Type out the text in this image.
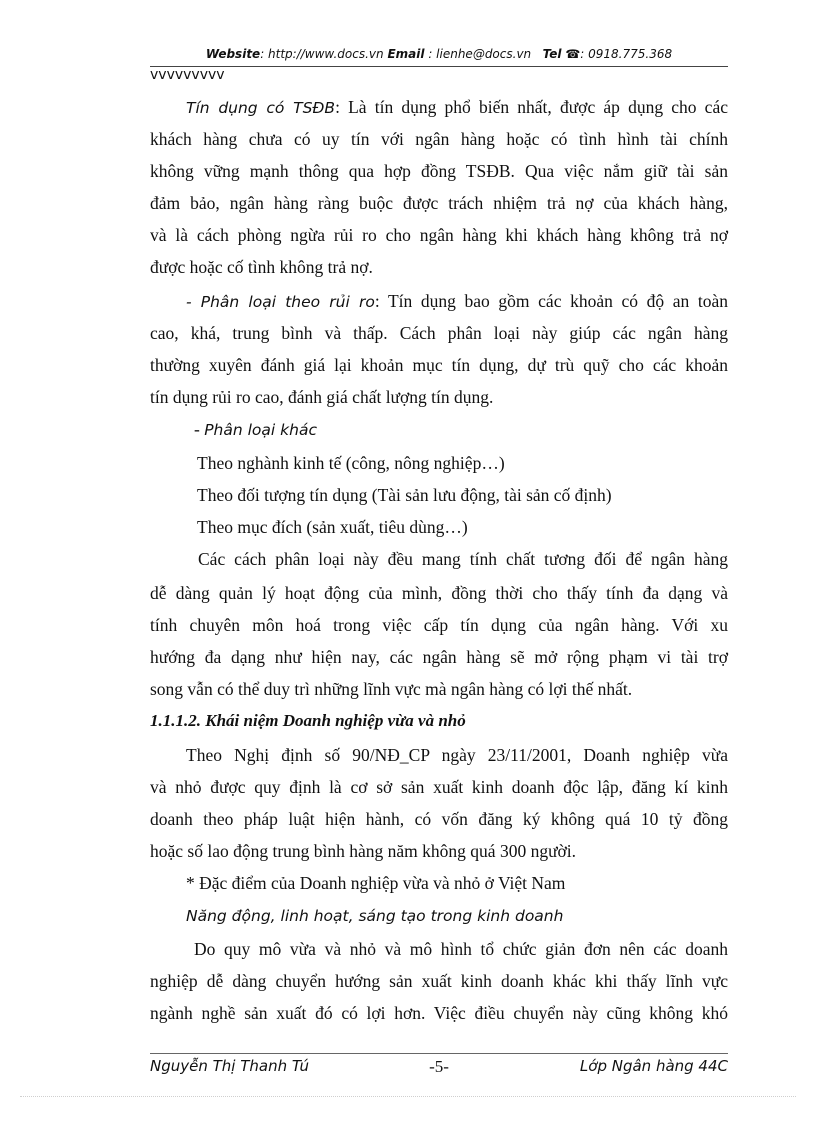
Website: http://www.docs.vn Email : lienhe@docs.vn Tel ☎: 0918.775.368
vvvvvvvvv
Tín dụng có TSĐB: Là tín dụng phổ biến nhất, được áp dụng cho các
khách hàng chưa có uy tín với ngân hàng hoặc có tình hình tài chính
không vững mạnh thông qua hợp đồng TSĐB. Qua việc nắm giữ tài sản
đảm bảo, ngân hàng ràng buộc được trách nhiệm trả nợ của khách hàng,
và là cách phòng ngừa rủi ro cho ngân hàng khi khách hàng không trả nợ
được hoặc cố tình không trả nợ.
- Phân loại theo rủi ro: Tín dụng bao gồm các khoản có độ an toàn
cao, khá, trung bình và thấp. Cách phân loại này giúp các ngân hàng
thường xuyên đánh giá lại khoản mục tín dụng, dự trù quỹ cho các khoản
tín dụng rủi ro cao, đánh giá chất lượng tín dụng.
- Phân loại khác
Theo nghành kinh tế (công, nông nghiệp…)
Theo đối tượng tín dụng (Tài sản lưu động, tài sản cố định)
Theo mục đích (sản xuất, tiêu dùng…)
Các cách phân loại này đều mang tính chất tương đối để ngân hàng
dễ dàng quản lý hoạt động của mình, đồng thời cho thấy tính đa dạng và
tính chuyên môn hoá trong việc cấp tín dụng của ngân hàng. Với xu
hướng đa dạng như hiện nay, các ngân hàng sẽ mở rộng phạm vi tài trợ
song vẫn có thể duy trì những lĩnh vực mà ngân hàng có lợi thế nhất.
1.1.1.2. Khái niệm Doanh nghiệp vừa và nhỏ
Theo Nghị định số 90/NĐ_CP ngày 23/11/2001, Doanh nghiệp vừa
và nhỏ được quy định là cơ sở sản xuất kinh doanh độc lập, đăng kí kinh
doanh theo pháp luật hiện hành, có vốn đăng ký không quá 10 tỷ đồng
hoặc số lao động trung bình hàng năm không quá 300 người.
* Đặc điểm của Doanh nghiệp vừa và nhỏ ở Việt Nam
Năng động, linh hoạt, sáng tạo trong kinh doanh
Do quy mô vừa và nhỏ và mô hình tổ chức giản đơn nên các doanh
nghiệp dễ dàng chuyển hướng sản xuất kinh doanh khác khi thấy lĩnh vực
ngành nghề sản xuất đó có lợi hơn. Việc điều chuyển này cũng không khó
Nguyễn Thị Thanh Tú	-5-	Lớp Ngân hàng 44C
